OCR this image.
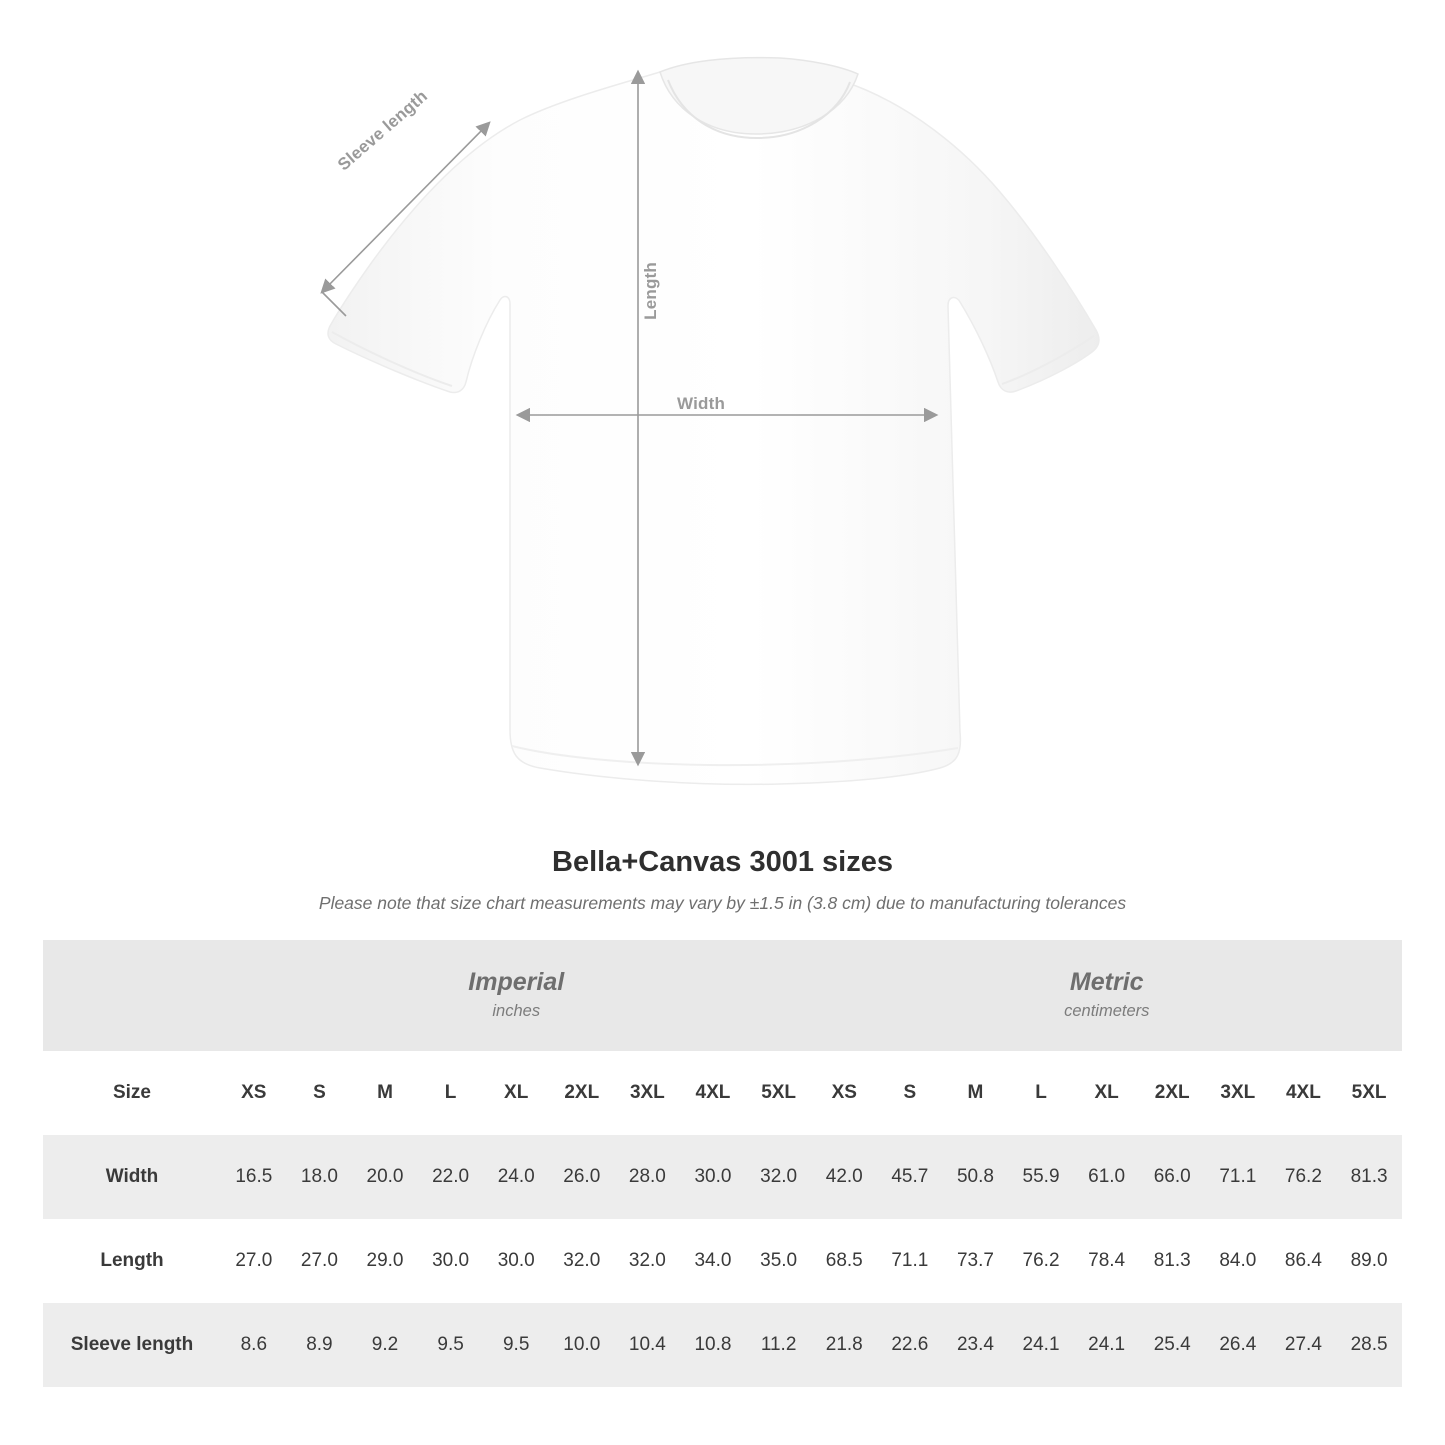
Length
Width
Sleeve length
Bella+Canvas 3001 sizes

Please note that size chart measurements may vary by ±1.5 in (3.8 cm) due to manufacturing tolerances

Imperial
inches

Metric
centimeters

Size	XS	S	M	L	XL	2XL	3XL	4XL	5XL	XS	S	M	L	XL	2XL	3XL	4XL	5XL
Width	16.5	18.0	20.0	22.0	24.0	26.0	28.0	30.0	32.0	42.0	45.7	50.8	55.9	61.0	66.0	71.1	76.2	81.3
Length	27.0	27.0	29.0	30.0	30.0	32.0	32.0	34.0	35.0	68.5	71.1	73.7	76.2	78.4	81.3	84.0	86.4	89.0
Sleeve length	8.6	8.9	9.2	9.5	9.5	10.0	10.4	10.8	11.2	21.8	22.6	23.4	24.1	24.1	25.4	26.4	27.4	28.5
